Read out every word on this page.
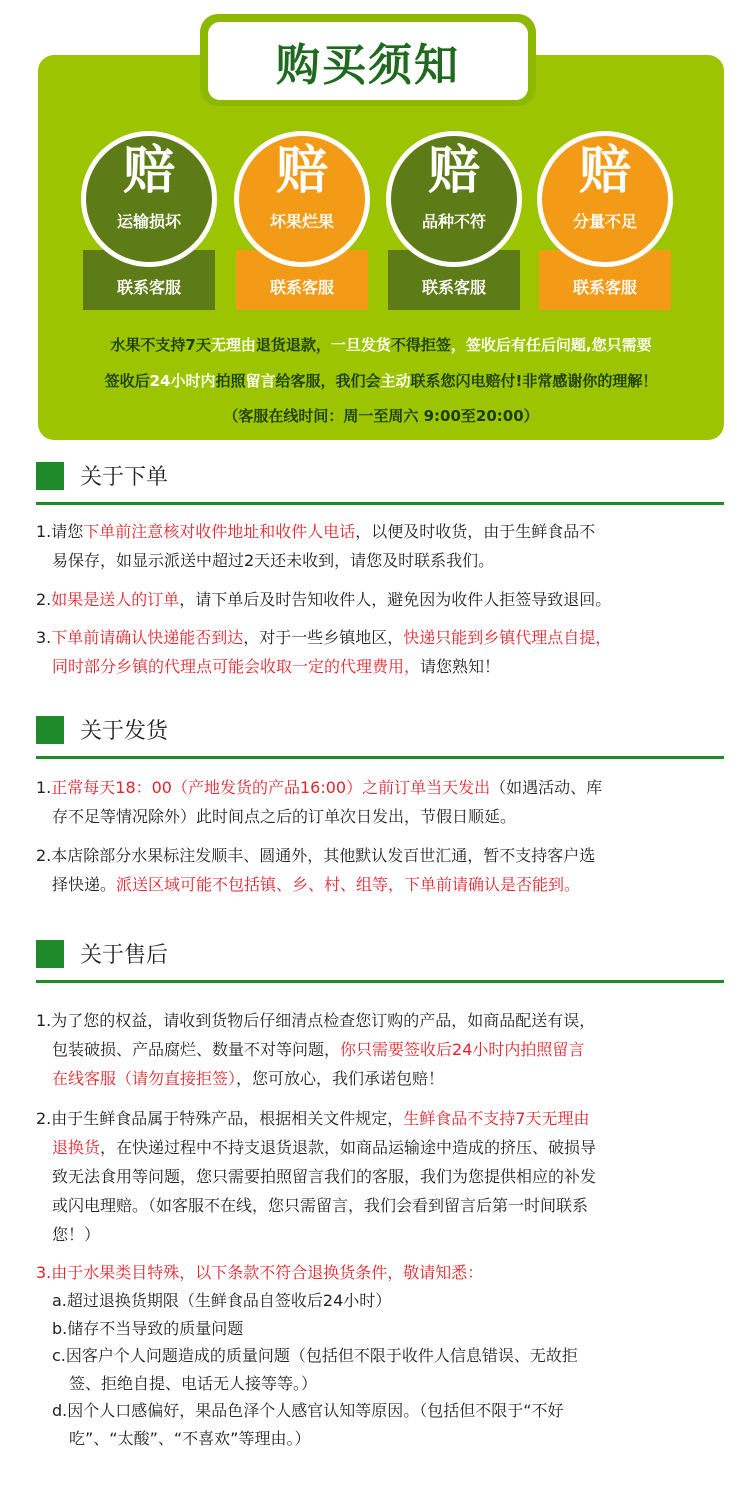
购买须知
赔
运输损坏
联系客服
赔
坏果烂果
联系客服
赔
品种不符
联系客服
赔
分量不足
联系客服
水果不支持7天无理由退货退款，一旦发货不得拒签，签收后有任后问题,您只需要
签收后24小时内拍照留言给客服，我们会主动联系您闪电赔付!非常感谢你的理解！
（客服在线时间：周一至周六 9:00至20:00）
关于下单
1.请您下单前注意核对收件地址和收件人电话，以便及时收货，由于生鲜食品不
易保存，如显示派送中超过2天还未收到，请您及时联系我们。
2.如果是送人的订单，请下单后及时告知收件人，避免因为收件人拒签导致退回。
3.下单前请确认快递能否到达，对于一些乡镇地区，快递只能到乡镇代理点自提，
同时部分乡镇的代理点可能会收取一定的代理费用，请您熟知！
关于发货
1.正常每天18：00（产地发货的产品16:00）之前订单当天发出（如遇活动、库
存不足等情况除外）此时间点之后的订单次日发出，节假日顺延。
2.本店除部分水果标注发顺丰、圆通外，其他默认发百世汇通，暂不支持客户选
择快递。派送区域可能不包括镇、乡、村、组等，下单前请确认是否能到。
关于售后
1.为了您的权益，请收到货物后仔细清点检查您订购的产品，如商品配送有误，
包装破损、产品腐烂、数量不对等问题，你只需要签收后24小时内拍照留言
在线客服（请勿直接拒签），您可放心，我们承诺包赔！
2.由于生鲜食品属于特殊产品，根据相关文件规定，生鲜食品不支持7天无理由
退换货，在快递过程中不持支退货退款，如商品运输途中造成的挤压、破损导
致无法食用等问题，您只需要拍照留言我们的客服，我们为您提供相应的补发
或闪电理赔。（如客服不在线，您只需留言，我们会看到留言后第一时间联系
您！）
3.由于水果类目特殊，以下条款不符合退换货条件，敬请知悉：
a.超过退换货期限（生鲜食品自签收后24小时）
b.储存不当导致的质量问题
c.因客户个人问题造成的质量问题（包括但不限于收件人信息错误、无故拒
签、拒绝自提、电话无人接等等。）
d.因个人口感偏好，果品色泽个人感官认知等原因。（包括但不限于“不好
吃”、“太酸”、“不喜欢”等理由。）
